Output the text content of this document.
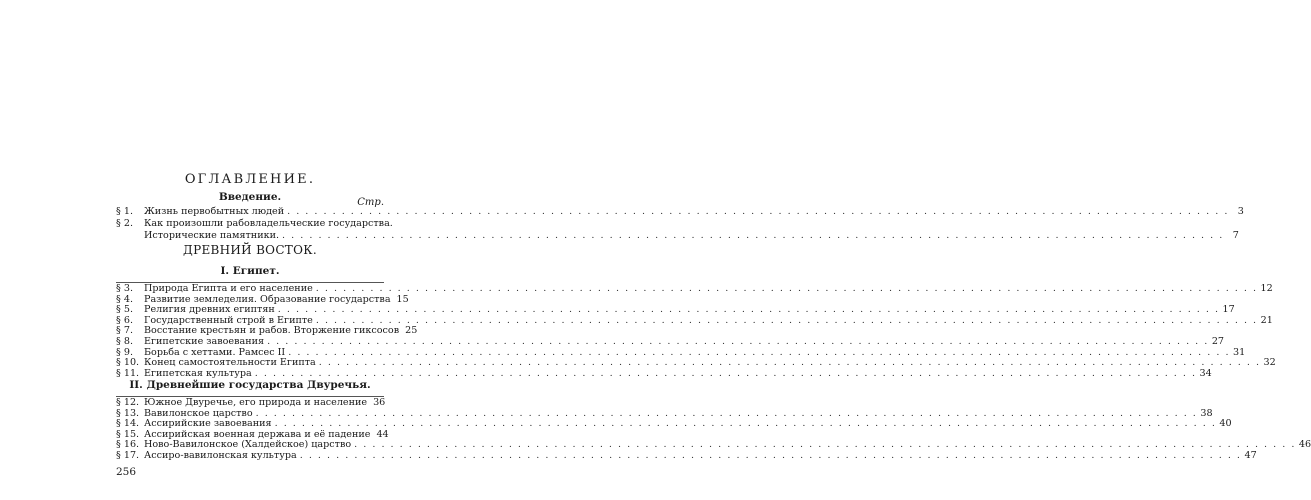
ОГЛАВЛЕНИЕ.
Введение.	Стр.
§ 1. Жизнь первобытных людей . . .	3
§ 2. Как произошли рабовладельческие государства.
Исторические памятники. . . .	7
ДРЕВНИЙ ВОСТОК.
I. Египет.
§ 3. Природа Египта и его население . . .	12
§ 4. Развитие земледелия. Образование государства 15
§ 5. Религия древних египтян . . .	17
§ 6. Государственный строй в Египте . . .	21
§ 7. Восстание крестьян и рабов. Вторжение гиксосов 25
§ 8. Египетские завоевания . . .	27
§ 9. Борьба с хеттами. Рамсес II . . .	31
§ 10. Конец самостоятельности Египта . . .	32
§ 11. Египетская культура . . .	34
II. Древнейшие государства Двуречья.
§ 12. Южное Двуречье, его природа и население 36
§ 13. Вавилонское царство . . .	38
§ 14. Ассирийские завоевания . . .	40
§ 15. Ассирийская военная держава и её падение 44
§ 16. Ново-Вавилонское (Халдейское) царство . . .	46
§ 17. Ассиро-вавилонская культура . . .	47
256
